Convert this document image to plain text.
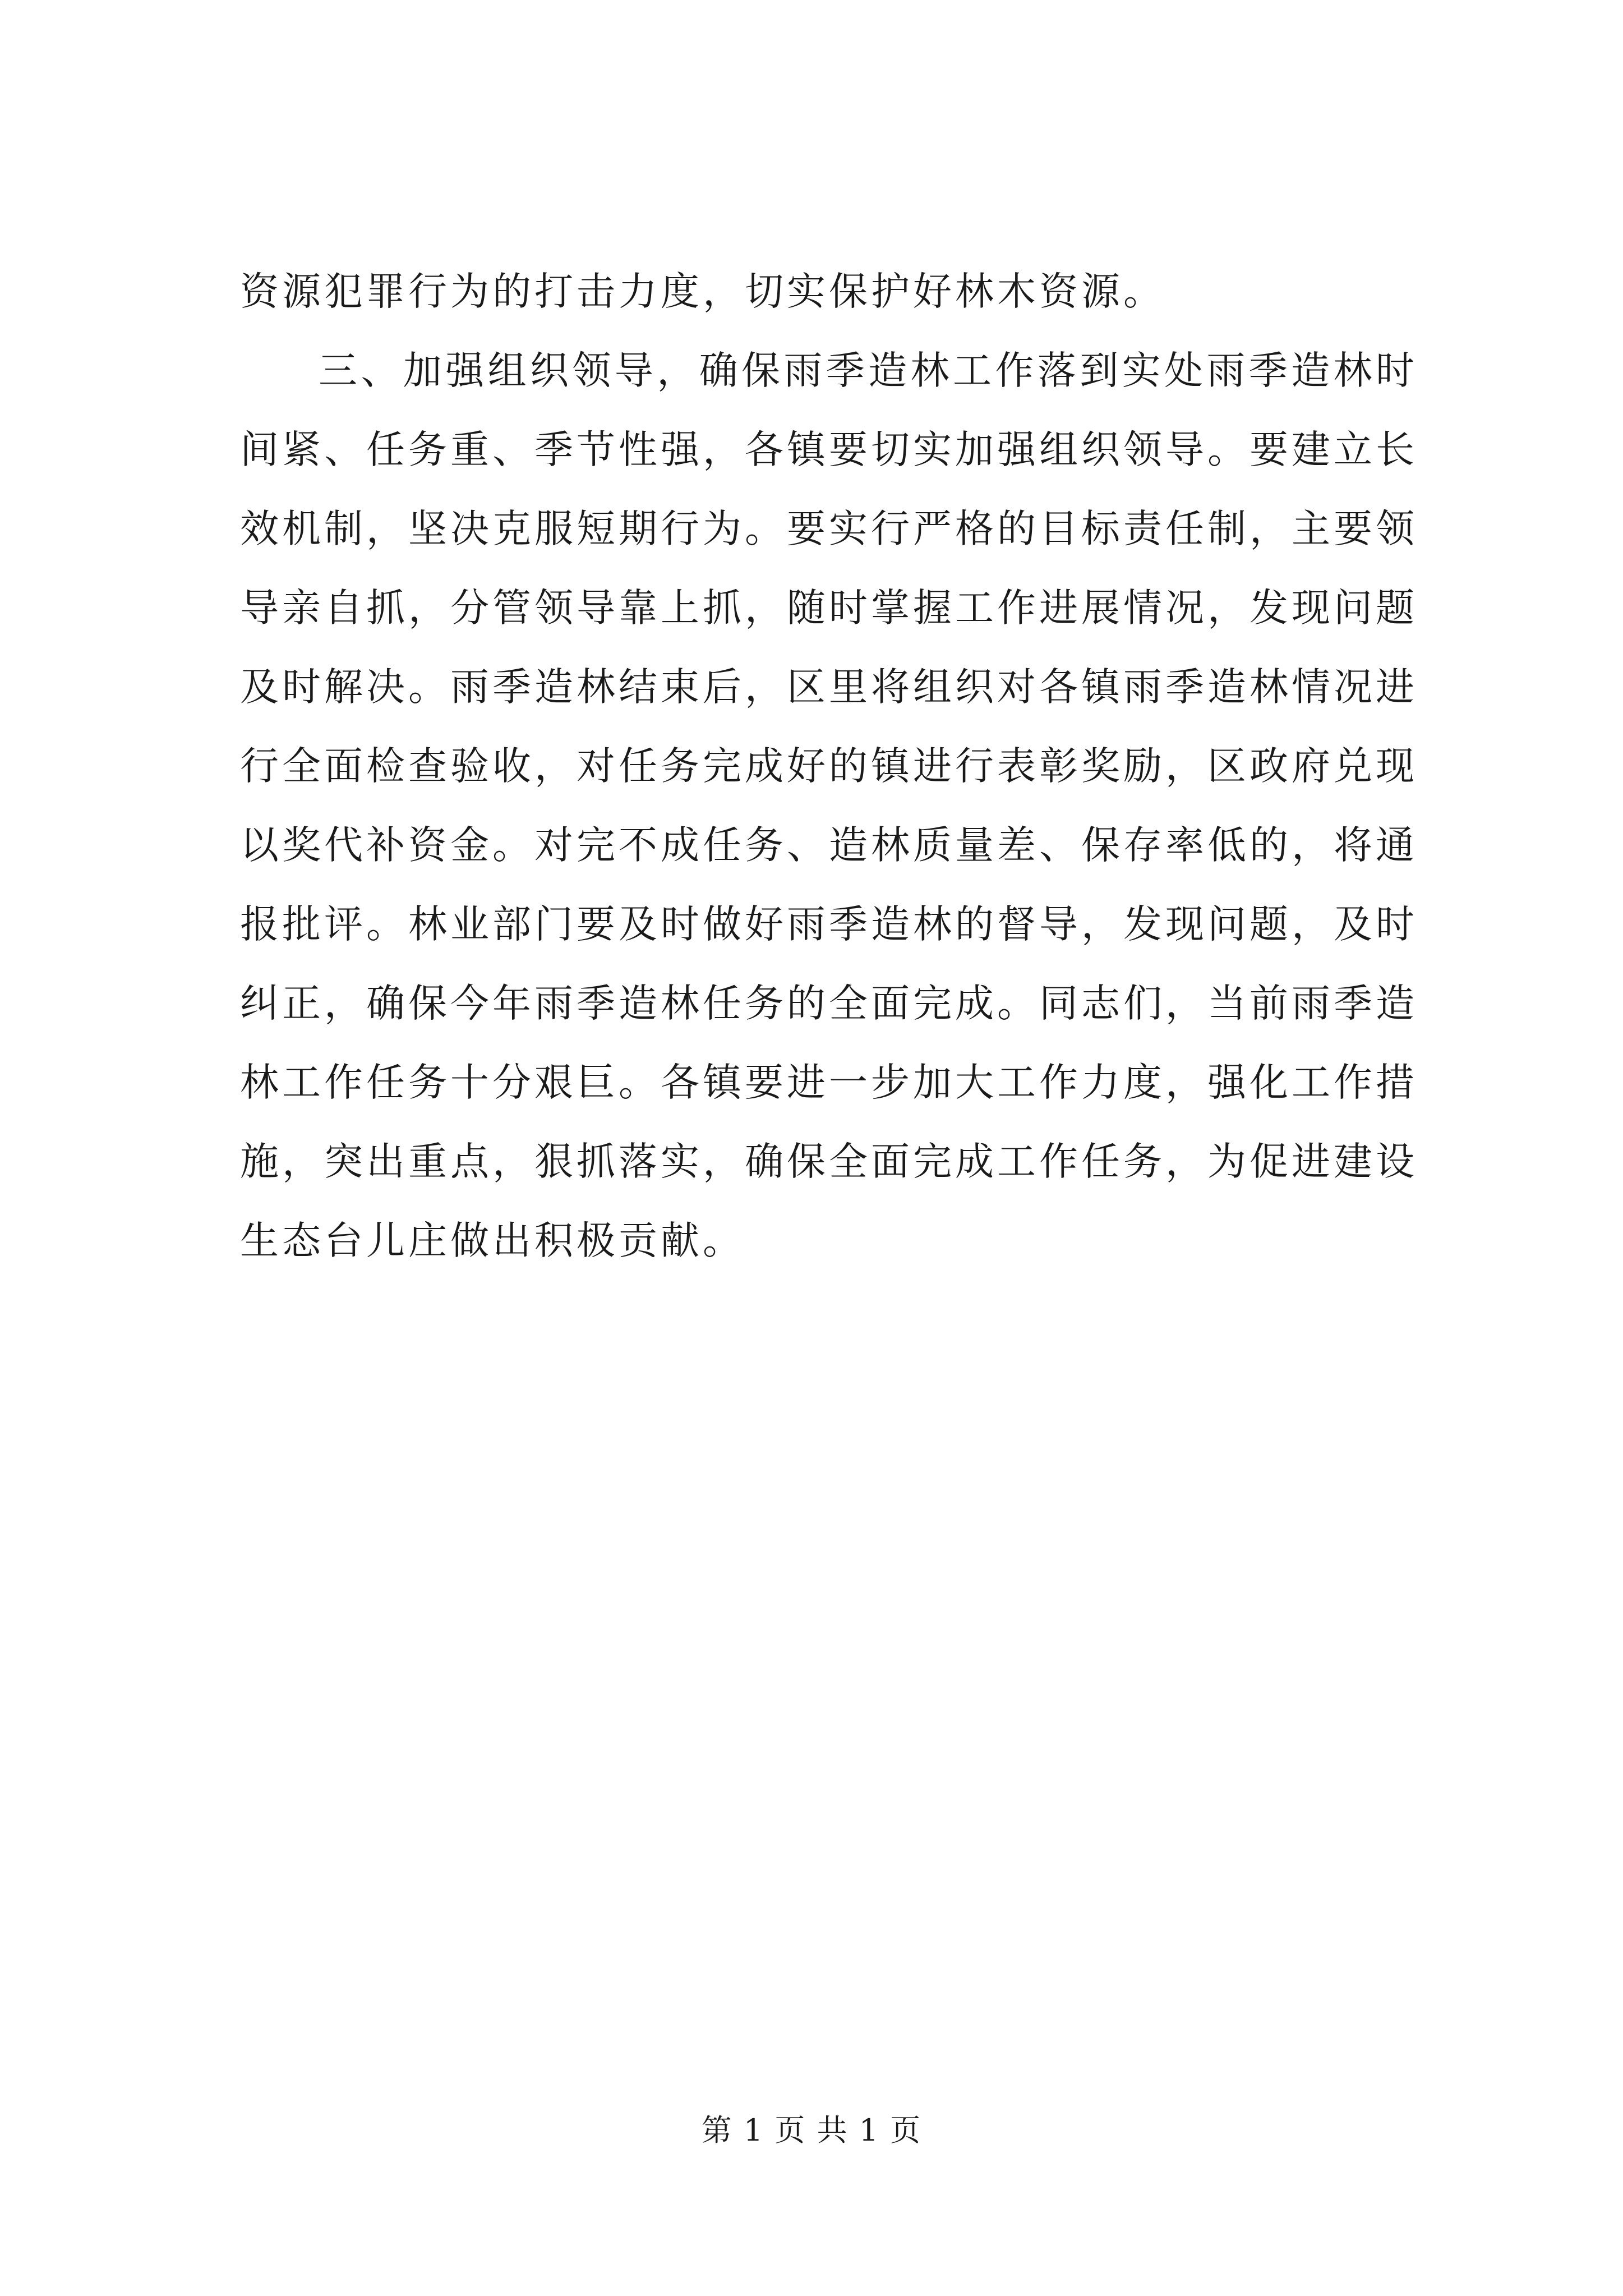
资源犯罪行为的打击力度，切实保护好林木资源。
三、加强组织领导，确保雨季造林工作落到实处雨季造林时
间紧、任务重、季节性强，各镇要切实加强组织领导。要建立长
效机制，坚决克服短期行为。要实行严格的目标责任制，主要领
导亲自抓，分管领导靠上抓，随时掌握工作进展情况，发现问题
及时解决。雨季造林结束后，区里将组织对各镇雨季造林情况进
行全面检查验收，对任务完成好的镇进行表彰奖励，区政府兑现
以奖代补资金。对完不成任务、造林质量差、保存率低的，将通
报批评。林业部门要及时做好雨季造林的督导，发现问题，及时
纠正，确保今年雨季造林任务的全面完成。同志们，当前雨季造
林工作任务十分艰巨。各镇要进一步加大工作力度，强化工作措
施，突出重点，狠抓落实，确保全面完成工作任务，为促进建设
生态台儿庄做出积极贡献。
第 1 页 共 1 页
